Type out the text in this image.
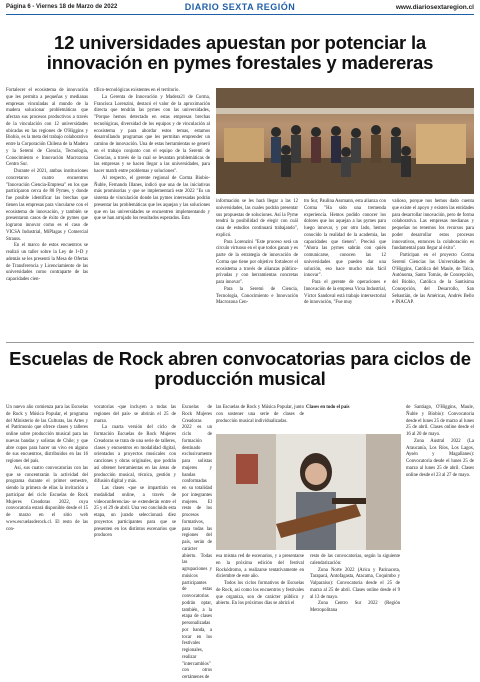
Página 6 - Viernes 18 de Marzo de 2022	DIARIO SEXTA REGIÓN	www.diariosextaregion.cl
12 universidades apuestan por potenciar la innovación en pymes forestales y madereras

Fortalecer el ecosistema de innovación que les permita a pequeñas y medianas empresas vinculadas al mundo de la madera solucionar problemáticas que afectan sus procesos productivos a través de la vinculación con 12 universidades ubicadas en las regiones de O'Higgins y Biobío, es la meta del trabajo colaborativo entre la Corporación Chilena de la Madera y la Seremi de Ciencia, Tecnología, Conocimiento e Innovación Macrozona Centro Sur.

Durante el 2021, ambas instituciones concretaron cuatro encuentros "Innovación Ciencia-Empresa" en los que participaron cerca de 80 Pymes, y donde fue posible identificar las brechas que tienen las empresas para vincularse con el ecosistema de innovación, y también se presentaron casos de éxito de pymes que lograron innovar como es el caso de VICSA Industrial, MiPlagas y Comercial Strauss.

En el marco de estos encuentros se realizó un taller sobre la Ley de I+D y además se les presentó la Mesa de Ofertas de Transferencia y Licenciamiento de las universidades como contraparte de las capacidades cien-

tífico-tecnológicas existentes en el territorio.

La Gerenta de Innovación y Madera21 de Corma, Francisca Lorenzini, destacó el valor de la aproximación directa que tendrán las pymes con las universidades, "Porque hemos detectado en estas empresas brechas tecnológicas, diversidad de los equipos y de vinculación al ecosistema y para abordar estos temas, estamos desarrollando programas que les permitan emprender un camino de innovación. Una de estas herramientas se generó en el trabajo conjunto con el equipo de la Seremi de Ciencias, a través de la cual se levantan problemáticas de las empresas y se hacen llegar a las universidades, para hacer match entre problemas y soluciones".

Al respecto, el gerente regional de Corma Biobío-Ñuble, Fernando Illanes, indicó que una de las iniciativas más promisorias y que se implementará este 2022 "Es un sistema de vinculación donde las pymes interesadas podrán presentar las problemáticas que les aquejan y las soluciones que en las universidades se encuentren implementando y que se han arrojado los resultados esperados. Esta

información se les hará llegar a las 12 universidades, las cuales podrán presentar sus propuestas de soluciones. Así la Pyme tendrá la posibilidad de elegir con cuál casa de estudios continuará trabajando", explicó.

Para Lorenzini "Este proceso será un círculo virtuoso en el que todos ganan y es parte de la estrategia de innovación de Corma que tiene por objetivo fortalecer el ecosistema a través de alianzas público-privadas y con herramientas concretas para innovar".

Para la Seremi de Ciencia, Tecnología, Conocimiento e Innovación Macrozona Cen-

tro Sur, Paulina Assmann, esta alianza con Corma "Ha sido una tremenda experiencia. Hemos podido conocer los dolores que los aquejan a las pymes para luego innovar, y por otro lado, hemos conocido la realidad de la academia, las capacidades que tienen". Precisó que "Ahora las pymes sabrán con quién comunicarse, conocen las 12 universidades que pueden dar una solución, eso hace mucho más fácil innovar".

Para el gerente de operaciones e Innovación de la empresa Vicsa Industrial, Víctor Sandoval está trabajo intersectorial de innovación, "Fue muy

valioso, porque nos hemos dado cuenta que existe el apoyo y existen las entidades para desarrollar innovación, pero de forma colaborativa. Las empresas medianas y pequeñas no tenemos los recursos para poder desarrollar estos procesos innovativos, entonces la colaboración es fundamental para llegar al éxito".

Participan en el proyecto Corma Seremi Ciencias las Universidades de O'Higgins, Católica del Maule, de Talca, Autónoma, Santo Tomás, de Concepción, del Biobío, Católica de la Santísima Concepción, del Desarrollo, San Sebastián, de las Américas, Andrés Bello e INACAP.

Escuelas de Rock abren convocatorias para ciclos de producción musical

Un nuevo año comienza para las Escuelas de Rock y Música Popular, el programa del Ministerio de las Culturas, las Artes y el Patrimonio que ofrece clases y talleres online sobre producción musical para las nuevas bandas y solistas de Chile; y que abre cupos para hacer un vivo en alguno de sus encuentros, distribuidos en las 16 regiones del país.

Así, sus cuatro convocatorias con las que se concentrarán la actividad del programa durante el primer semestre, siendo la primera de ellas la invitación a participar del ciclo Escuelas de Rock Mujeres Creadoras 2022, cuya convocatoria estará disponible desde el 15 de marzo en el sitio web www.escuelasderock.cl. El resto de las con-

vocatorias -que incluyen a todas las regiones del país- se abrirán el 25 de marzo.

La cuarta versión del ciclo de formación Escuelas de Rock Mujeres Creadoras se trata de una serie de talleres, clases y encuentros en modalidad digital, orientados a proyectos musicales con canciones y obras originales, que podrán así obtener herramientas en las áreas de producción musical, técnica, gestión y difusión digital y más.

Las clases -que se impartirán en modalidad online, a través de videoconferencias- se extenderán entre el 25 y el 29 de abril. Una vez concluido esta etapa, un jurado seleccionará diez proyectos participantes para que se presenten en los distintos escenarios que producen

las Escuelas de Rock y Música Popular, junto con sostener una serie de clases de producción musical individualizadas.

Clases en todo el país

Escuelas de Rock Mujeres Creadoras 2022 es un ciclo de formación destinado exclusivamente para solistas mujeres y bandas conformadas en su totalidad por integrantes mujeres. El resto de los procesos formativos, para todas las regiones del país, serán de carácter abierto. Todas las agrupaciones y músicos participantes de estas convocatorias podrán optar, también, a la etapa de clases personalizadas por banda, a tocar en los festivales regionales, realizar "intercambios" con otros certámenes de

esa misma red de escenarios, y a presentarse en la próxima edición del festival Rockódromo, a realizarse tentativamente en diciembre de este año.

Todos los ciclos formativos de Escuelas de Rock, así como los encuentros y festivales que organiza, son de carácter público y abierto. En los próximos días se abrirá el

resto de las convocatorias, según la siguiente calendarización:

Zona Norte 2022 (Arica y Parinacota, Tarapacá, Antofagasta, Atacama, Coquimbo y Valparaíso): Convocatoria desde el 25 de marzo al 25 de abril. Clases online desde el 9 al 13 de mayo.

Zona Centro Sur 2022 (Región Metropolitana

de Santiago, O'Higgins, Maule, Ñuble y Biobío): Convocatoria desde el lunes 25 de marzo al lunes 25 de abril. Clases online desde el 16 al 20 de mayo.

Zona Austral 2022 (La Araucanía, Los Ríos, Los Lagos, Aysén y Magallanes): Convocatoria desde el lunes 25 de marzo al lunes 25 de abril. Clases online desde el 23 al 27 de mayo.
